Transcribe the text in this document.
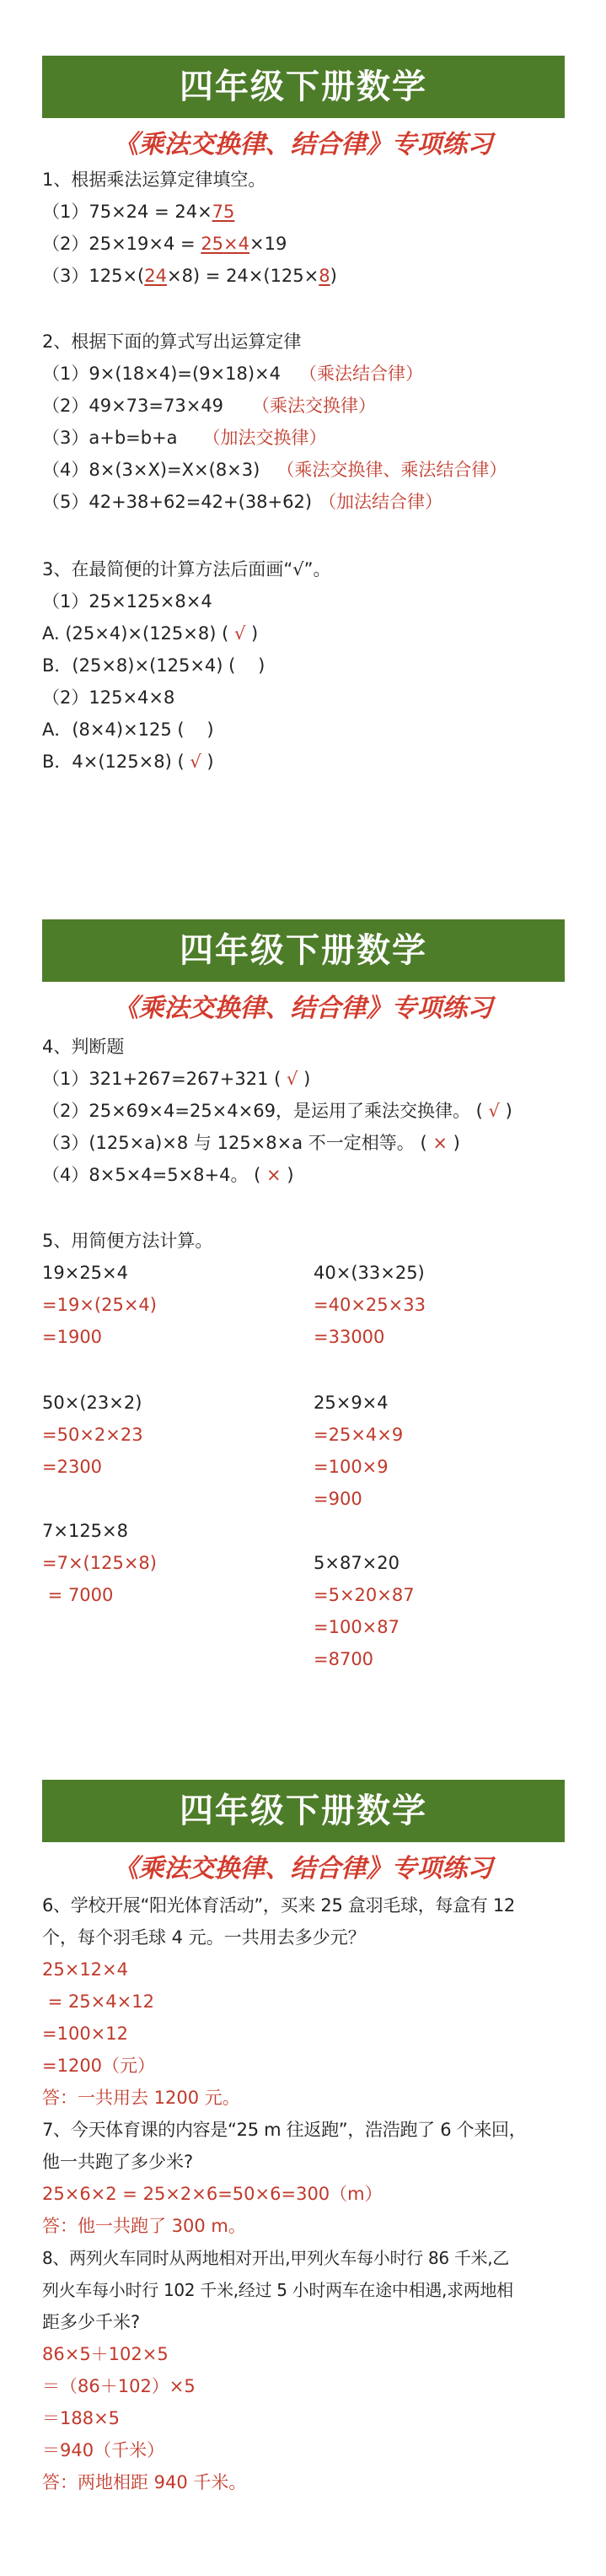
四年级下册数学
《乘法交换律、结合律》专项练习
1、根据乘法运算定律填空。
（1）75×24 = 24×75
（2）25×19×4 = 25×4×19
（3）125×(24×8) = 24×(125×8)
2、根据下面的算式写出运算定律
（1）9×(18×4)=(9×18)×4 （乘法结合律）
（2）49×73=73×49 （乘法交换律）
（3）a+b=b+a （加法交换律）
（4）8×(3×X)=X×(8×3) （乘法交换律、乘法结合律）
（5）42+38+62=42+(38+62) （加法结合律）
3、在最简便的计算方法后面画“√”。
（1）25×125×8×4
A. (25×4)×(125×8) ( √ )
B．(25×8)×(125×4) ( )
（2）125×4×8
A．(8×4)×125 ( )
B．4×(125×8) ( √ )
四年级下册数学
《乘法交换律、结合律》专项练习
4、判断题
（1）321+267=267+321 ( √ )
（2）25×69×4=25×4×69，是运用了乘法交换律。 ( √ )
（3）(125×a)×8 与 125×8×a 不一定相等。 ( × )
（4）8×5×4=5×8+4。 ( × )
5、用简便方法计算。
19×25×4
=19×(25×4)
=1900
40×(33×25)
=40×25×33
=33000
50×(23×2)
=50×2×23
=2300
25×9×4
=25×4×9
=100×9
=900
7×125×8
=7×(125×8)
= 7000
5×87×20
=5×20×87
=100×87
=8700
四年级下册数学
《乘法交换律、结合律》专项练习
6、学校开展“阳光体育活动”，买来 25 盒羽毛球，每盒有 12
个，每个羽毛球 4 元。一共用去多少元？
25×12×4
= 25×4×12
=100×12
=1200（元）
答：一共用去 1200 元。
7、今天体育课的内容是“25 m 往返跑”，浩浩跑了 6 个来回，
他一共跑了多少米?
25×6×2 = 25×2×6=50×6=300（m）
答：他一共跑了 300 m。
8、两列火车同时从两地相对开出,甲列火车每小时行 86 千米,乙
列火车每小时行 102 千米,经过 5 小时两车在途中相遇,求两地相
距多少千米?
86×5＋102×5
＝（86＋102）×5
＝188×5
＝940（千米）
答：两地相距 940 千米。
